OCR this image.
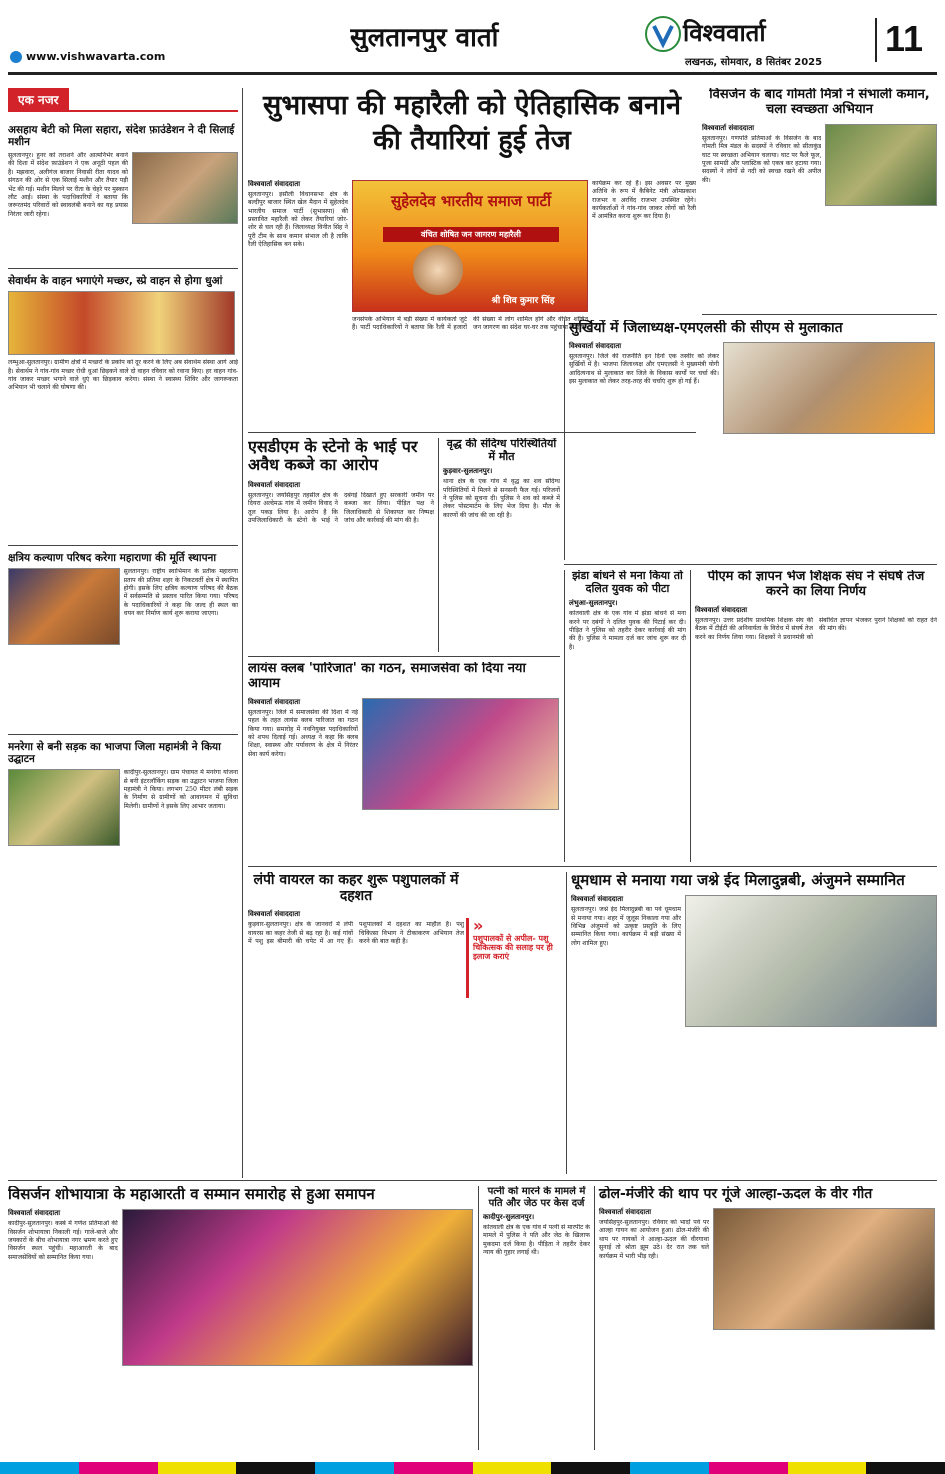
सुलतानपुर वार्ता
www.vishwavarta.com
विश्ववार्ता
लखनऊ, सोमवार, 8 सितंबर 2025
11
एक नजर
असहाय बेटी को मिला सहारा, संदेश फ़ाउंडेशन ने दी सिलाई मशीन
सुलतानपुर। हुनर को तराशने और आत्मनिर्भर बनाने की दिशा में संदेश फ़ाउंडेशन ने एक अनूठी पहल की है। मझवारा, अलीगंज बाजार निवासी रीता यादव को संगठन की ओर से एक सिलाई मशीन और तैयार पड़ी भेंट की गई। मशीन मिलने पर रीता के चेहरे पर मुस्कान लौट आई। संस्था के पदाधिकारियों ने बताया कि जरूरतमंद परिवारों को स्वावलंबी बनाने का यह प्रयास निरंतर जारी रहेगा।
सेवार्थम के वाहन भगाएंगे मच्छर, स्प्रे वाहन से होगा धुआं
लम्भुआ-सुलतानपुर। ग्रामीण क्षेत्रों में मच्छरों के प्रकोप को दूर करने के लिए अब सेवार्थम संस्था आगे आई है। सेवार्थम ने गांव-गांव मच्छर रोधी धुआं छिड़कने वाले दो वाहन रविवार को रवाना किए। हर वाहन गांव-गांव जाकर मच्छर भगाने वाले धुएं का छिड़काव करेगा। संस्था ने स्वास्थ्य शिविर और जागरूकता अभियान भी चलाने की घोषणा की।
क्षत्रिय कल्याण परिषद करेगा महाराणा की मूर्ति स्थापना
सुलतानपुर। राष्ट्रीय स्वाभिमान के प्रतीक महाराणा प्रताप की प्रतिमा शहर के निकटवर्ती क्षेत्र में स्थापित होगी। इसके लिए क्षत्रिय कल्याण परिषद की बैठक में सर्वसम्मति से प्रस्ताव पारित किया गया। परिषद के पदाधिकारियों ने कहा कि जल्द ही स्थल का चयन कर निर्माण कार्य शुरू कराया जाएगा।
मनरेगा से बनी सड़क का भाजपा जिला महामंत्री ने किया उद्घाटन
कादीपुर-सुलतानपुर। ग्राम पंचायत में मनरेगा योजना से बनी इंटरलॉकिंग सड़क का उद्घाटन भाजपा जिला महामंत्री ने किया। लगभग 250 मीटर लंबी सड़क के निर्माण से ग्रामीणों को आवागमन में सुविधा मिलेगी। ग्रामीणों ने इसके लिए आभार जताया।
सुभासपा की महारैली को ऐतिहासिक बनाने की तैयारियां हुई तेज
विश्ववार्ता संवाददाता
सुलतानपुर। इसौली विधानसभा क्षेत्र के बल्दीपुर बाजार स्थित खेल मैदान में सुहेलदेव भारतीय समाज पार्टी (सुभासपा) की प्रस्तावित महारैली को लेकर तैयारियां जोर-शोर से चल रही हैं। जिलाध्यक्ष विनीत सिंह ने पूरी टीम के साथ कमान संभाल ली है ताकि रैली ऐतिहासिक बन सके।
सुहेलदेव भारतीय समाज पार्टी
वंचित शोषित जन जागरण महारैली
श्री शिव कुमार सिंह
जनसंपर्क अभियान में बड़ी संख्या में कार्यकर्ता जुटे हैं। पार्टी पदाधिकारियों ने बताया कि रैली में हजारों की संख्या में लोग शामिल होंगे और वंचित शोषित जन जागरण का संदेश घर-घर तक पहुंचाया जाएगा।
कार्यक्रम कर रहे हैं। इस अवसर पर मुख्य अतिथि के रूप में कैबिनेट मंत्री ओमप्रकाश राजभर व अरविंद राजभर उपस्थित रहेंगे। कार्यकर्ताओं ने गांव-गांव जाकर लोगों को रैली में आमंत्रित करना शुरू कर दिया है।
विसर्जन के बाद गोमती मित्रों ने संभाली कमान, चला स्वच्छता अभियान
विश्ववार्ता संवाददाता
सुलतानपुर। गणपति प्रतिमाओं के विसर्जन के बाद गोमती मित्र मंडल के सदस्यों ने रविवार को सीताकुंड घाट पर स्वच्छता अभियान चलाया। घाट पर फैले फूल, पूजा सामग्री और प्लास्टिक को एकत्र कर हटाया गया। सदस्यों ने लोगों से नदी को स्वच्छ रखने की अपील की।
एसडीएम के स्टेनो के भाई पर अवैध कब्जे का आरोप
विश्ववार्ता संवाददाता
सुलतानपुर। जयसिंहपुर तहसील क्षेत्र के दियरा अल्देमऊ गांव में जमीन विवाद ने तूल पकड़ लिया है। आरोप है कि उपजिलाधिकारी के स्टेनो के भाई ने दबंगई दिखाते हुए सरकारी जमीन पर कब्जा कर लिया। पीड़ित पक्ष ने जिलाधिकारी से शिकायत कर निष्पक्ष जांच और कार्रवाई की मांग की है।
वृद्ध की संदिग्ध परिस्थितियों में मौत
कुड़वार-सुलतानपुर।
थाना क्षेत्र के एक गांव में वृद्ध का शव संदिग्ध परिस्थितियों में मिलने से सनसनी फैल गई। परिजनों ने पुलिस को सूचना दी। पुलिस ने शव को कब्जे में लेकर पोस्टमार्टम के लिए भेज दिया है। मौत के कारणों की जांच की जा रही है।
सुर्खियों में जिलाध्यक्ष-एमएलसी की सीएम से मुलाकात
विश्ववार्ता संवाददाता
सुलतानपुर। जिले की राजनीति इन दिनों एक तस्वीर को लेकर सुर्खियों में है। भाजपा जिलाध्यक्ष और एमएलसी ने मुख्यमंत्री योगी आदित्यनाथ से मुलाकात कर जिले के विकास कार्यों पर चर्चा की। इस मुलाकात को लेकर तरह-तरह की चर्चाएं शुरू हो गई हैं।
लायंस क्लब 'पारिजात' का गठन, समाजसेवा को दिया नया आयाम
विश्ववार्ता संवाददाता
सुलतानपुर। जिले में समाजसेवा की दिशा में नई पहल के तहत लायंस क्लब पारिजात का गठन किया गया। समारोह में नवनियुक्त पदाधिकारियों को शपथ दिलाई गई। अध्यक्ष ने कहा कि क्लब शिक्षा, स्वास्थ्य और पर्यावरण के क्षेत्र में निरंतर सेवा कार्य करेगा।
झंडा बांधने से मना किया तो दलित युवक को पीटा
लंभुआ-सुलतानपुर।
कोतवाली क्षेत्र के एक गांव में झंडा बांधने से मना करने पर दबंगों ने दलित युवक की पिटाई कर दी। पीड़ित ने पुलिस को तहरीर देकर कार्रवाई की मांग की है। पुलिस ने मामला दर्ज कर जांच शुरू कर दी है।
पीएम को ज्ञापन भेज शिक्षक संघ ने संघर्ष तेज करने का लिया निर्णय
विश्ववार्ता संवाददाता
सुलतानपुर। उत्तर प्रदेशीय प्राथमिक शिक्षक संघ की बैठक में टीईटी की अनिवार्यता के विरोध में संघर्ष तेज करने का निर्णय लिया गया। शिक्षकों ने प्रधानमंत्री को संबोधित ज्ञापन भेजकर पुराने शिक्षकों को राहत देने की मांग की।
लंपी वायरल का कहर शुरू पशुपालकों में दहशत
विश्ववार्ता संवाददाता
कुड़वार-सुलतानपुर। क्षेत्र के जानवरों में लंपी वायरस का कहर तेजी से बढ़ रहा है। कई गांवों में पशु इस बीमारी की चपेट में आ गए हैं। पशुपालकों में दहशत का माहौल है। पशु चिकित्सा विभाग ने टीकाकरण अभियान तेज करने की बात कही है।
»
पशुपालकों से अपील- पशु चिकित्सक की सलाह पर ही इलाज कराएं
धूमधाम से मनाया गया जश्ने ईद मिलादुन्नबी, अंजुमने सम्मानित
विश्ववार्ता संवाददाता
सुलतानपुर। जश्ने ईद मिलादुन्नबी का पर्व धूमधाम से मनाया गया। शहर में जुलूस निकाला गया और विभिन्न अंजुमनों को उत्कृष्ट प्रस्तुति के लिए सम्मानित किया गया। कार्यक्रम में बड़ी संख्या में लोग शामिल हुए।
विसर्जन शोभायात्रा के महाआरती व सम्मान समारोह से हुआ समापन
विश्ववार्ता संवाददाता
कादीपुर-सुलतानपुर। कस्बे में गणेश प्रतिमाओं की विसर्जन शोभायात्रा निकाली गई। गाजे-बाजे और जयकारों के बीच शोभायात्रा नगर भ्रमण करते हुए विसर्जन स्थल पहुंची। महाआरती के बाद समाजसेवियों को सम्मानित किया गया।
पत्नी को मारने के मामले में पति और जेठ पर केस दर्ज
कादीपुर-सुलतानपुर।
कोतवाली क्षेत्र के एक गांव में पत्नी से मारपीट के मामले में पुलिस ने पति और जेठ के खिलाफ मुकदमा दर्ज किया है। पीड़िता ने तहरीर देकर न्याय की गुहार लगाई थी।
ढोल-मंजीरे की थाप पर गूंजे आल्हा-ऊदल के वीर गीत
विश्ववार्ता संवाददाता
जयसिंहपुर-सुलतानपुर। रविवार को भादों पर्व पर आल्हा गायन का आयोजन हुआ। ढोल-मंजीरे की थाप पर गायकों ने आल्हा-ऊदल की वीरगाथा सुनाई तो श्रोता झूम उठे। देर रात तक चले कार्यक्रम में भारी भीड़ रही।
